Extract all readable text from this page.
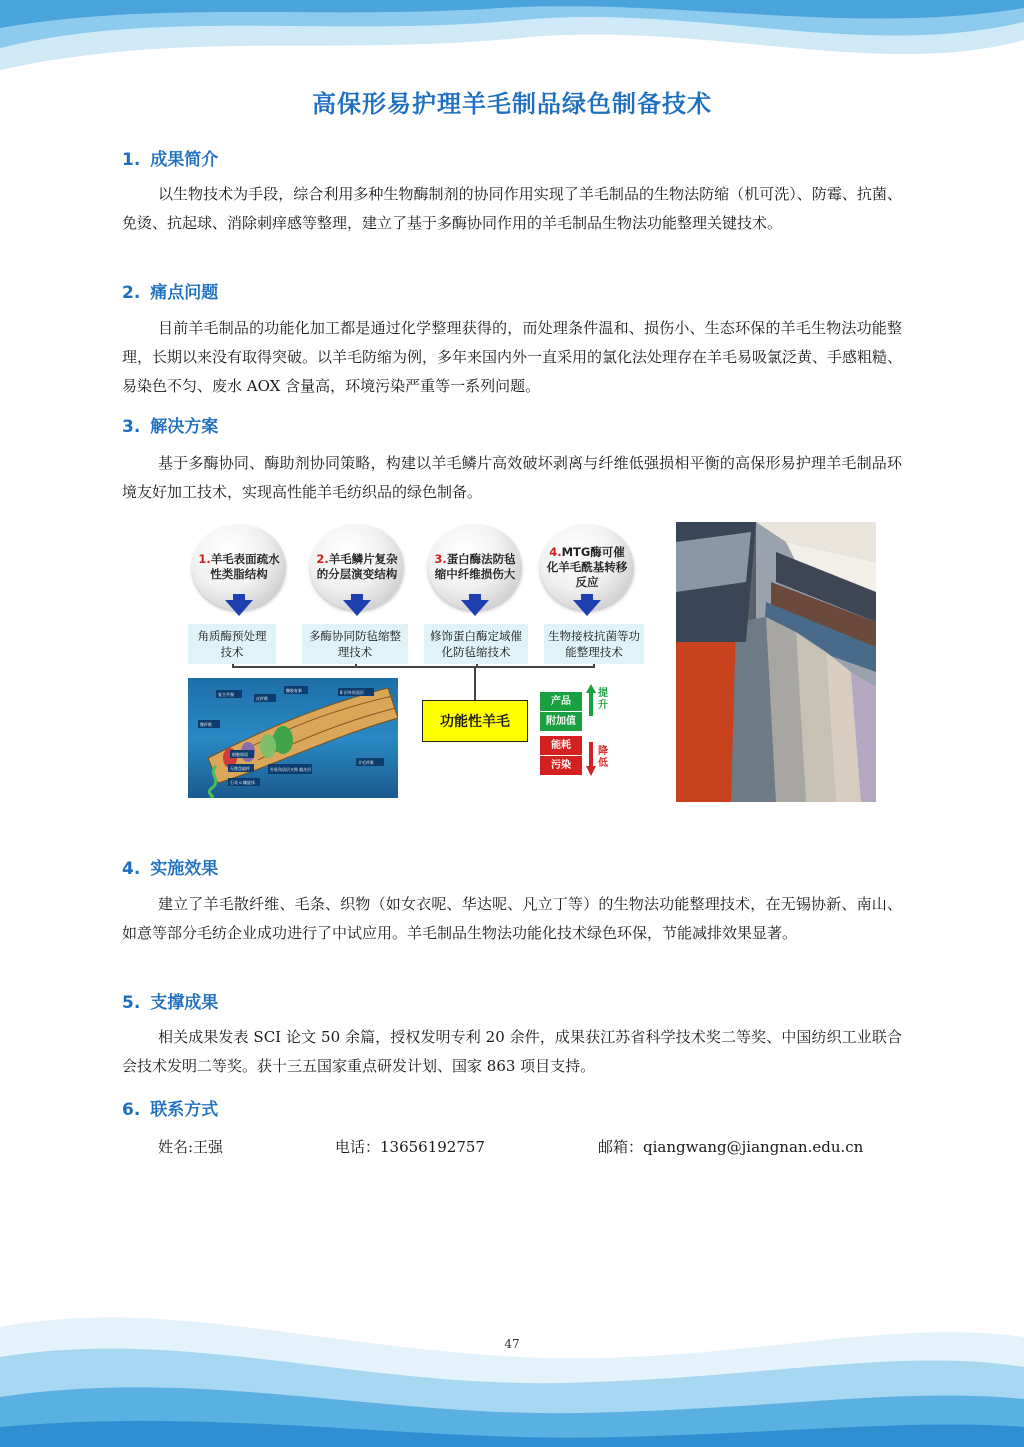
高保形易护理羊毛制品绿色制备技术
1. 成果简介

以生物技术为手段，综合利用多种生物酶制剂的协同作用实现了羊毛制品的生物法防缩（机可洗）、防霉、抗菌、免烫、抗起球、消除刺痒感等整理，建立了基于多酶协同作用的羊毛制品生物法功能整理关键技术。

2. 痛点问题

目前羊毛制品的功能化加工都是通过化学整理获得的，而处理条件温和、损伤小、生态环保的羊毛生物法功能整理，长期以来没有取得突破。以羊毛防缩为例，多年来国内外一直采用的氯化法处理存在羊毛易吸氯泛黄、手感粗糙、易染色不匀、废水 AOX 含量高，环境污染严重等一系列问题。

3. 解决方案

基于多酶协同、酶助剂协同策略，构建以羊毛鳞片高效破坏剥离与纤维低强损相平衡的高保形易护理羊毛制品环境友好加工技术，实现高性能羊毛纺织品的绿色制备。

1.羊毛表面疏水性类脂结构
2.羊毛鳞片复杂的分层演变结构
3.蛋白酶法防毡缩中纤维损伤大
4.MTG酶可催化羊毛酰基转移反应
角质酶预处理技术
多酶协同防毡缩整理技术
修饰蛋白酶定域催化防毡缩技术
生物接枝抗菌等功能整理技术
复合共聚
皮纤维
酶胶复新	8 层外角质层
微纤维
细胞间质
无微盘偏纤	外胚角质层又称 截皮层
羊毛纤维
石英 o 螺旋体
功能性羊毛
产品
附加值
提升
能耗
污染
降低
4. 实施效果

建立了羊毛散纤维、毛条、织物（如女衣呢、华达呢、凡立丁等）的生物法功能整理技术，在无锡协新、南山、如意等部分毛纺企业成功进行了中试应用。羊毛制品生物法功能化技术绿色环保，节能减排效果显著。

5. 支撑成果

相关成果发表 SCI 论文 50 余篇，授权发明专利 20 余件，成果获江苏省科学技术奖二等奖、中国纺织工业联合会技术发明二等奖。获十三五国家重点研发计划、国家 863 项目支持。

6. 联系方式
姓名:王强	电话：13656192757	邮箱：qiangwang@jiangnan.edu.cn
47
